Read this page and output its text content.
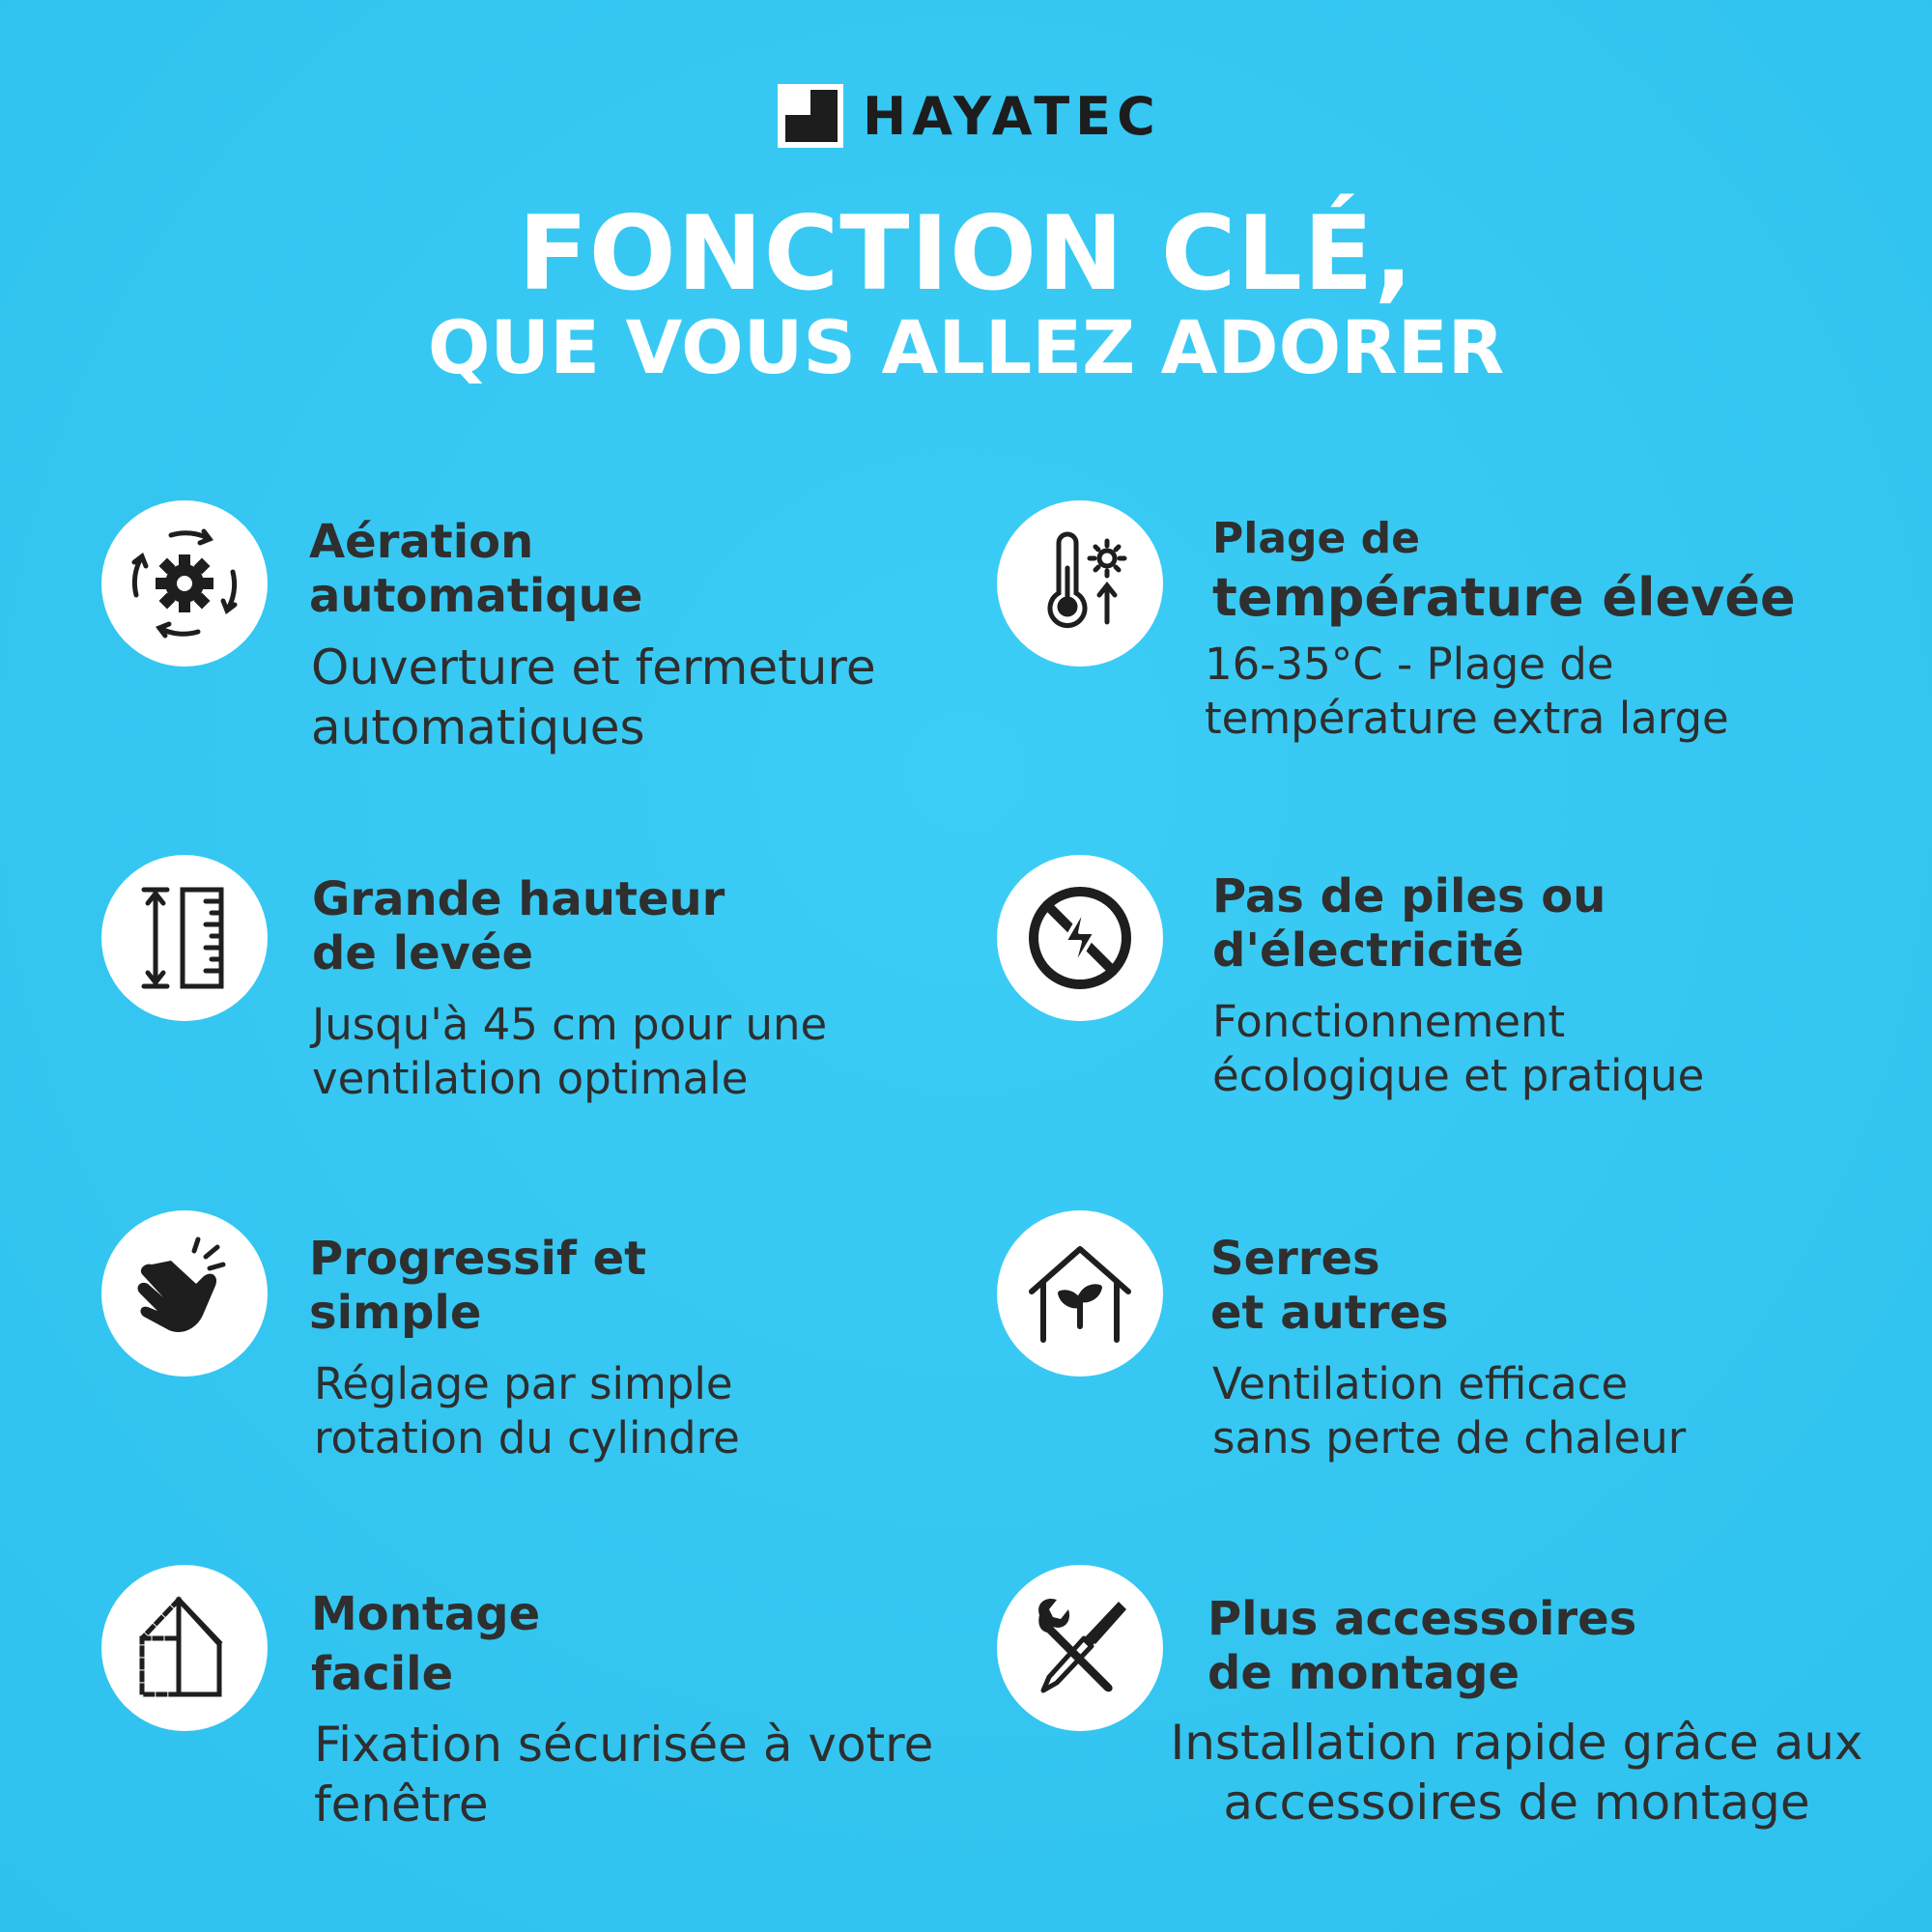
HAYATEC
FONCTION CLÉ,
QUE VOUS ALLEZ ADORER
Aération
automatique
Ouverture et fermeture
automatiques
Plage de
température élevée
16-35°C - Plage de
température extra large
Grande hauteur
de levée
Jusqu'à 45 cm pour une
ventilation optimale
Pas de piles ou
d'électricité
Fonctionnement
écologique et pratique
Progressif et
simple
Réglage par simple
rotation du cylindre
Serres
et autres
Ventilation efficace
sans perte de chaleur
Montage
facile
Fixation sécurisée à votre
fenêtre
Plus accessoires
de montage
Installation rapide grâce aux
accessoires de montage
